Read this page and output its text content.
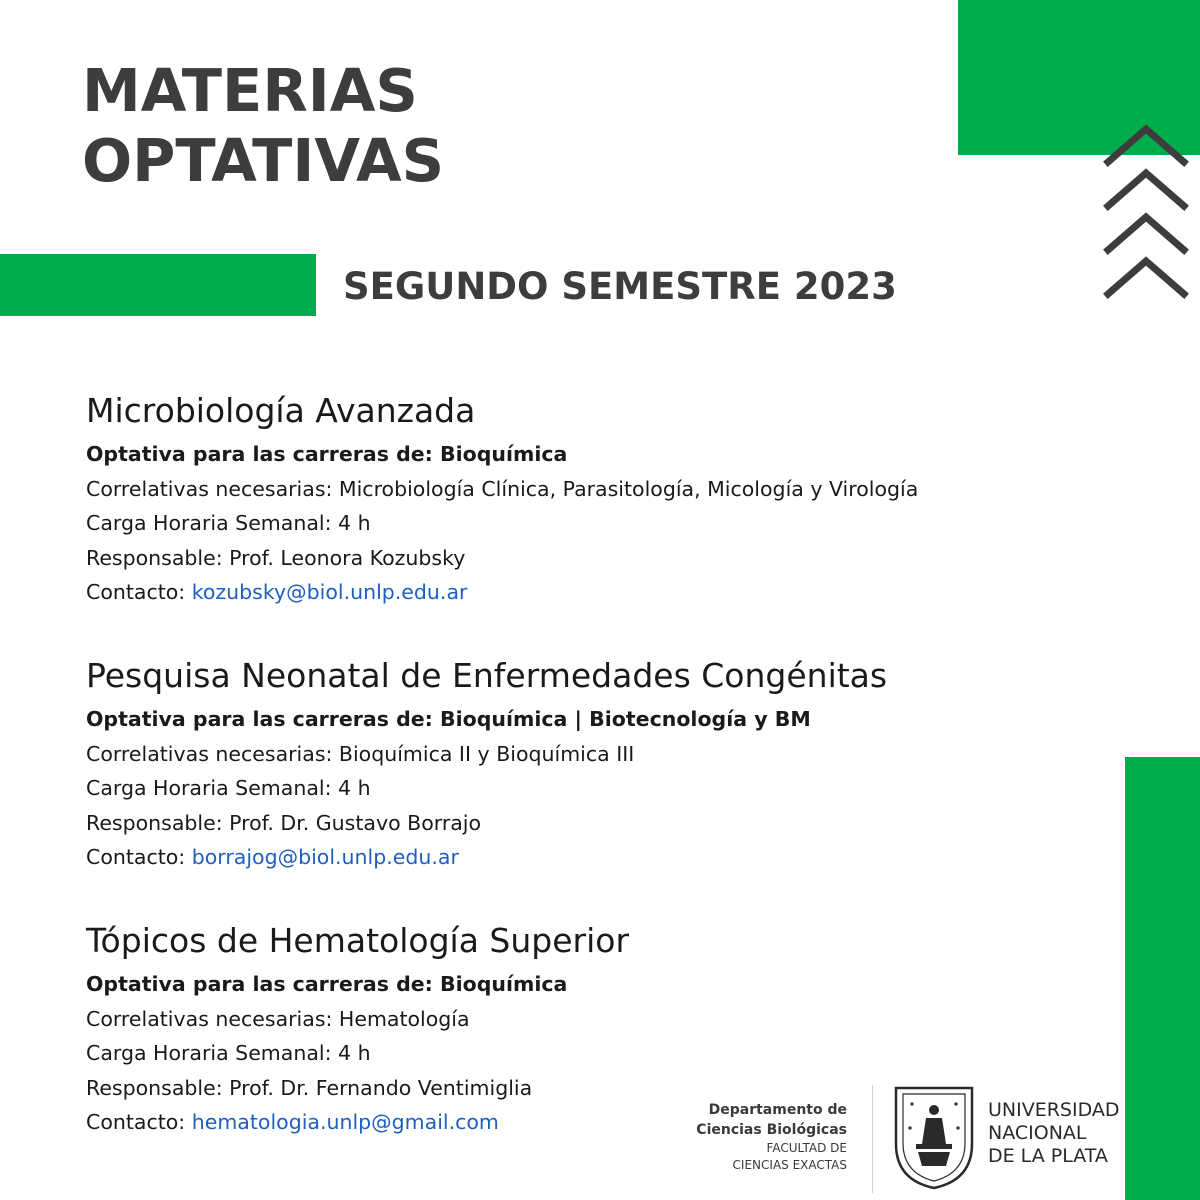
MATERIAS
OPTATIVAS
SEGUNDO SEMESTRE 2023
Microbiología Avanzada
Optativa para las carreras de: Bioquímica
Correlativas necesarias: Microbiología Clínica, Parasitología, Micología y Virología
Carga Horaria Semanal: 4 h
Responsable: Prof. Leonora Kozubsky
Contacto: kozubsky@biol.unlp.edu.ar
Pesquisa Neonatal de Enfermedades Congénitas
Optativa para las carreras de: Bioquímica | Biotecnología y BM
Correlativas necesarias: Bioquímica II y Bioquímica III
Carga Horaria Semanal: 4 h
Responsable: Prof. Dr. Gustavo Borrajo
Contacto: borrajog@biol.unlp.edu.ar
Tópicos de Hematología Superior
Optativa para las carreras de: Bioquímica
Correlativas necesarias: Hematología
Carga Horaria Semanal: 4 h
Responsable: Prof. Dr. Fernando Ventimiglia
Contacto: hematologia.unlp@gmail.com	Departamento de
Ciencias Biológicas
FACULTAD DE
CIENCIAS EXACTAS
UNIVERSIDAD
NACIONAL
DE LA PLATA
